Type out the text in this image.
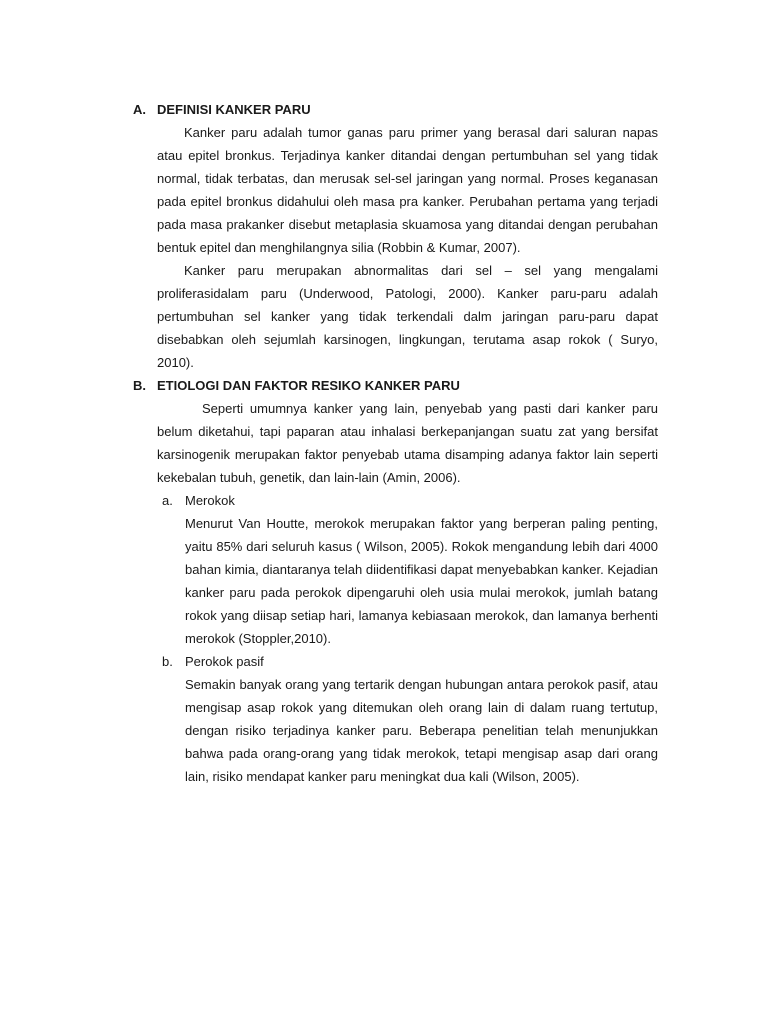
A. DEFINISI KANKER PARU

Kanker paru adalah tumor ganas paru primer yang berasal dari saluran napas atau epitel bronkus. Terjadinya kanker ditandai dengan pertumbuhan sel yang tidak normal, tidak terbatas, dan merusak sel-sel jaringan yang normal. Proses keganasan pada epitel bronkus didahului oleh masa pra kanker. Perubahan pertama yang terjadi pada masa prakanker disebut metaplasia skuamosa yang ditandai dengan perubahan bentuk epitel dan menghilangnya silia (Robbin & Kumar, 2007).

Kanker paru merupakan abnormalitas dari sel – sel yang mengalami proliferasidalam paru (Underwood, Patologi, 2000). Kanker paru-paru adalah pertumbuhan sel kanker yang tidak terkendali dalm jaringan paru-paru dapat disebabkan oleh sejumlah karsinogen, lingkungan, terutama asap rokok ( Suryo, 2010).

B. ETIOLOGI DAN FAKTOR RESIKO KANKER PARU

Seperti umumnya kanker yang lain, penyebab yang pasti dari kanker paru belum diketahui, tapi paparan atau inhalasi berkepanjangan suatu zat yang bersifat karsinogenik merupakan faktor penyebab utama disamping adanya faktor lain seperti kekebalan tubuh, genetik, dan lain-lain (Amin, 2006).

a. Merokok

Menurut Van Houtte, merokok merupakan faktor yang berperan paling penting, yaitu 85% dari seluruh kasus ( Wilson, 2005). Rokok mengandung lebih dari 4000 bahan kimia, diantaranya telah diidentifikasi dapat menyebabkan kanker. Kejadian kanker paru pada perokok dipengaruhi oleh usia mulai merokok, jumlah batang rokok yang diisap setiap hari, lamanya kebiasaan merokok, dan lamanya berhenti merokok (Stoppler,2010).

b. Perokok pasif

Semakin banyak orang yang tertarik dengan hubungan antara perokok pasif, atau mengisap asap rokok yang ditemukan oleh orang lain di dalam ruang tertutup, dengan risiko terjadinya kanker paru. Beberapa penelitian telah menunjukkan bahwa pada orang-orang yang tidak merokok, tetapi mengisap asap dari orang lain, risiko mendapat kanker paru meningkat dua kali (Wilson, 2005).
